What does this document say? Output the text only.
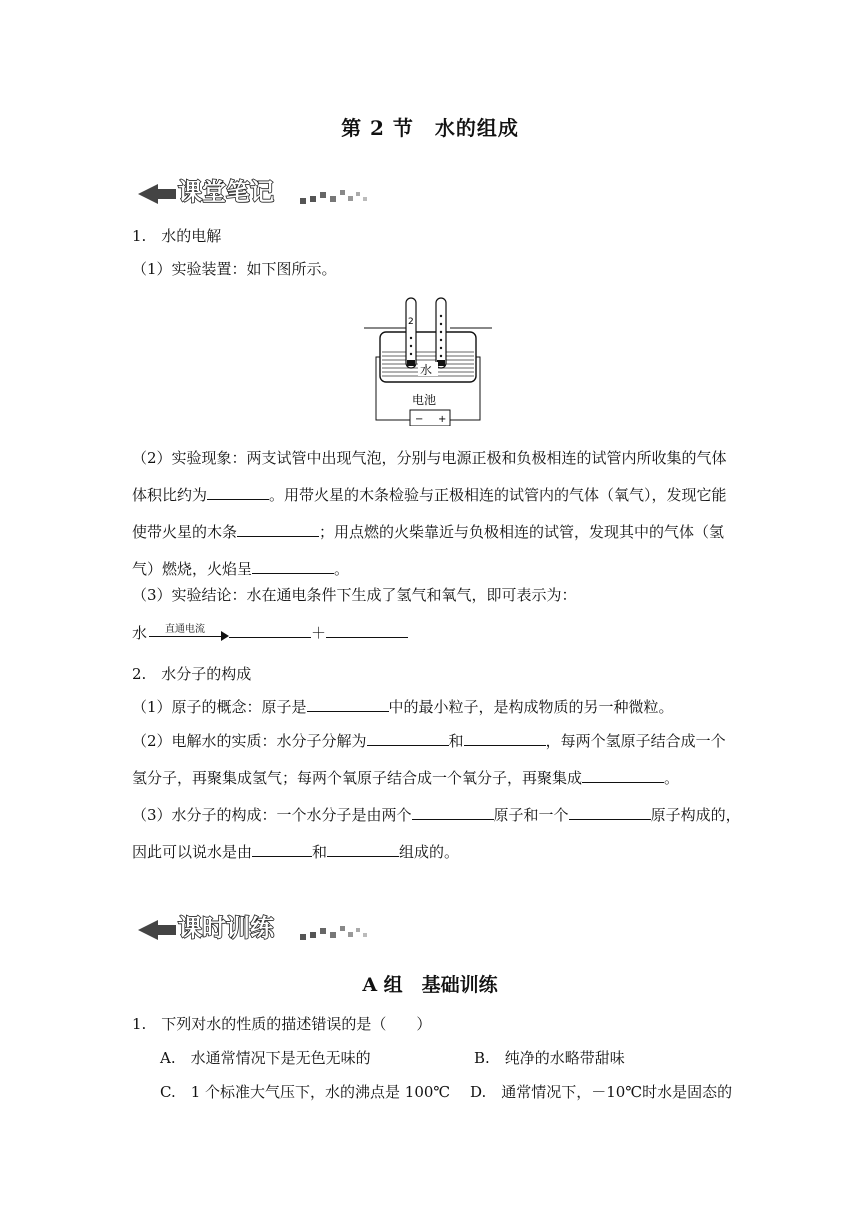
第 2 节　水的组成
课堂笔记
1.　水的电解
（1）实验装置：如下图所示。
2
水
电池
− +
（2）实验现象：两支试管中出现气泡，分别与电源正极和负极相连的试管内所收集的气体
体积比约为	。用带火星的木条检验与正极相连的试管内的气体（氧气），发现它能
使带火星的木条	；用点燃的火柴靠近与负极相连的试管，发现其中的气体（氢
气）燃烧，火焰呈	。
（3）实验结论：水在通电条件下生成了氢气和氧气，即可表示为：
水 直通电流	＋
2.　水分子的构成
（1）原子的概念：原子是	中的最小粒子，是构成物质的另一种微粒。
（2）电解水的实质：水分子分解为	和	，每两个氢原子结合成一个
氢分子，再聚集成氢气；每两个氧原子结合成一个氧分子，再聚集成	。
（3）水分子的构成：一个水分子是由两个	原子和一个	原子构成的，
因此可以说水是由	和	组成的。
课时训练
A 组　基础训练
1.　下列对水的性质的描述错误的是（　　）
A.　水通常情况下是无色无味的	B.　纯净的水略带甜味
C.　1 个标准大气压下，水的沸点是 100℃ D.　通常情况下，－10℃时水是固态的
